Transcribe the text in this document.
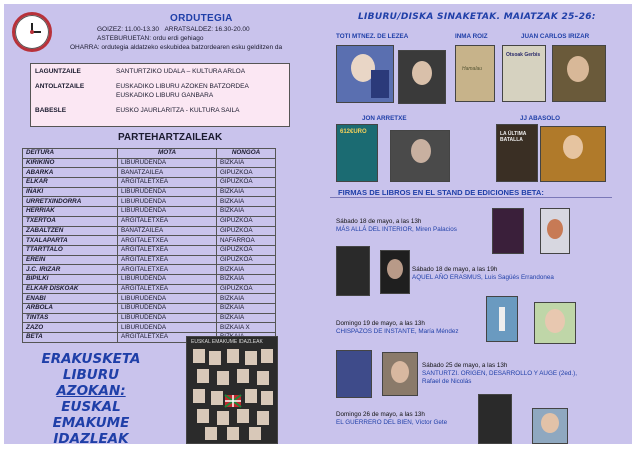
ORDUTEGIA
GOIZEZ: 11.00-13.30 ARRATSALDEZ: 16.30-20.00
ASTEBURUETAN: ordu erdi gehiago
OHARRA: ordutegia aldatzeko eskubidea batzordearen esku gelditzen da
LAGUNTZAILE	SANTURTZIKO UDALA – KULTURA ARLOA
ANTOLATZAILE	EUSKADIKO LIBURU AZOKEN BATZORDEA
EUSKADIKO LIBURU GANBARA
BABESLE	EUSKO JAURLARITZA - KULTURA SAILA
PARTEHARTZAILEAK
DEITURA	MOTA	NONGOA
KIRIKIÑO	LIBURUDENDA	BIZKAIA
ABARKA	BANATZAILEA	GIPUZKOA
ELKAR	ARGITALETXEA	GIPUZKOA
IÑAKI	LIBURUDENDA	BIZKAIA
URRETXINDORRA	LIBURUDENDA	BIZKAIA
HERRIAK	LIBURUDENDA	BIZKAIA
TXERTOA	ARGITALETXEA	GIPUZKOA
ZABALTZEN	BANATZAILEA	GIPUZKOA
TXALAPARTA	ARGITALETXEA	NAFARROA
TTARTTALO	ARGITALETXEA	GIPUZKOA
EREIN	ARGITALETXEA	GIPUZKOA
J.C. IRIZAR	ARGITALETXEA	BIZKAIA
BIPILKI	LIBURUDENDA	BIZKAIA
ELKAR DISKOAK	ARGITALETXEA	GIPUZKOA
ENABI	LIBURUDENDA	BIZKAIA
ARBOLA	LIBURUDENDA	BIZKAIA
TINTAS	LIBURUDENDA	BIZKAIA
ZAZO	LIBURUDENDA	BIZKAIA X
BETA	ARGITALETXEA	
ERAKUSKETA LIBURU
AZOKAN:
EUSKAL EMAKUME
IDAZLEAK
EUSKAL EMAKUME IDAZLEAK
LIBURU/DISKA SINAKETAK. MAIATZAK 25-26:
TOTI MTNEZ. DE LEZEA	INMA ROIZ	JUAN CARLOS IRIZAR
Hamalau
Otsoak Gerbis
JON ARRETXE	JJ ABASOLO
612€URO	LA ÚLTIMA BATALLA
FIRMAS DE LIBROS EN EL STAND DE EDICIONES BETA:
Sábado 18 de mayo, a las 13h
MÁS ALLÁ DEL INTERIOR, Miren Palacios
Sábado 18 de mayo, a las 19h
AQUEL AÑO ERASMUS, Luis Sagüés Errandonea
Domingo 19 de mayo, a las 13h
CHISPAZOS DE INSTANTE, María Méndez
Sábado 25 de mayo, a las 13h
SANTURTZI. ORIGEN, DESARROLLO Y AUGE (2ed.),
Rafael de Nicolás
Domingo 26 de mayo, a las 13h
EL GUERRERO DEL BIEN, Víctor Gete
